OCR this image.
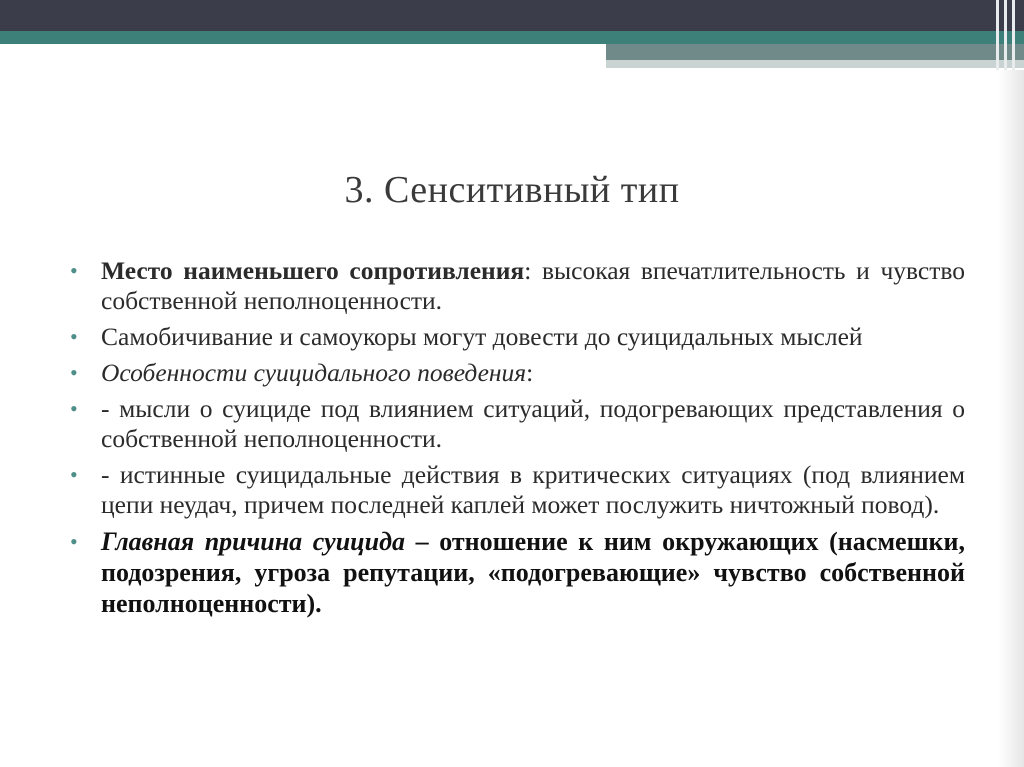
3. Сенситивный тип
• Место наименьшего сопротивления: высокая впечатлительность и чувство собственной неполноценности.
• Самобичивание и самоукоры могут довести до суицидальных мыслей
• Особенности суицидального поведения:
• - мысли о суициде под влиянием ситуаций, подогревающих представления о собственной неполноценности.
• - истинные суицидальные действия в критических ситуациях (под влиянием цепи неудач, причем последней каплей может послужить ничтожный повод).
• Главная причина суицида – отношение к ним окружающих (насмешки, подозрения, угроза репутации, «подогревающие» чувство собственной неполноценности).
